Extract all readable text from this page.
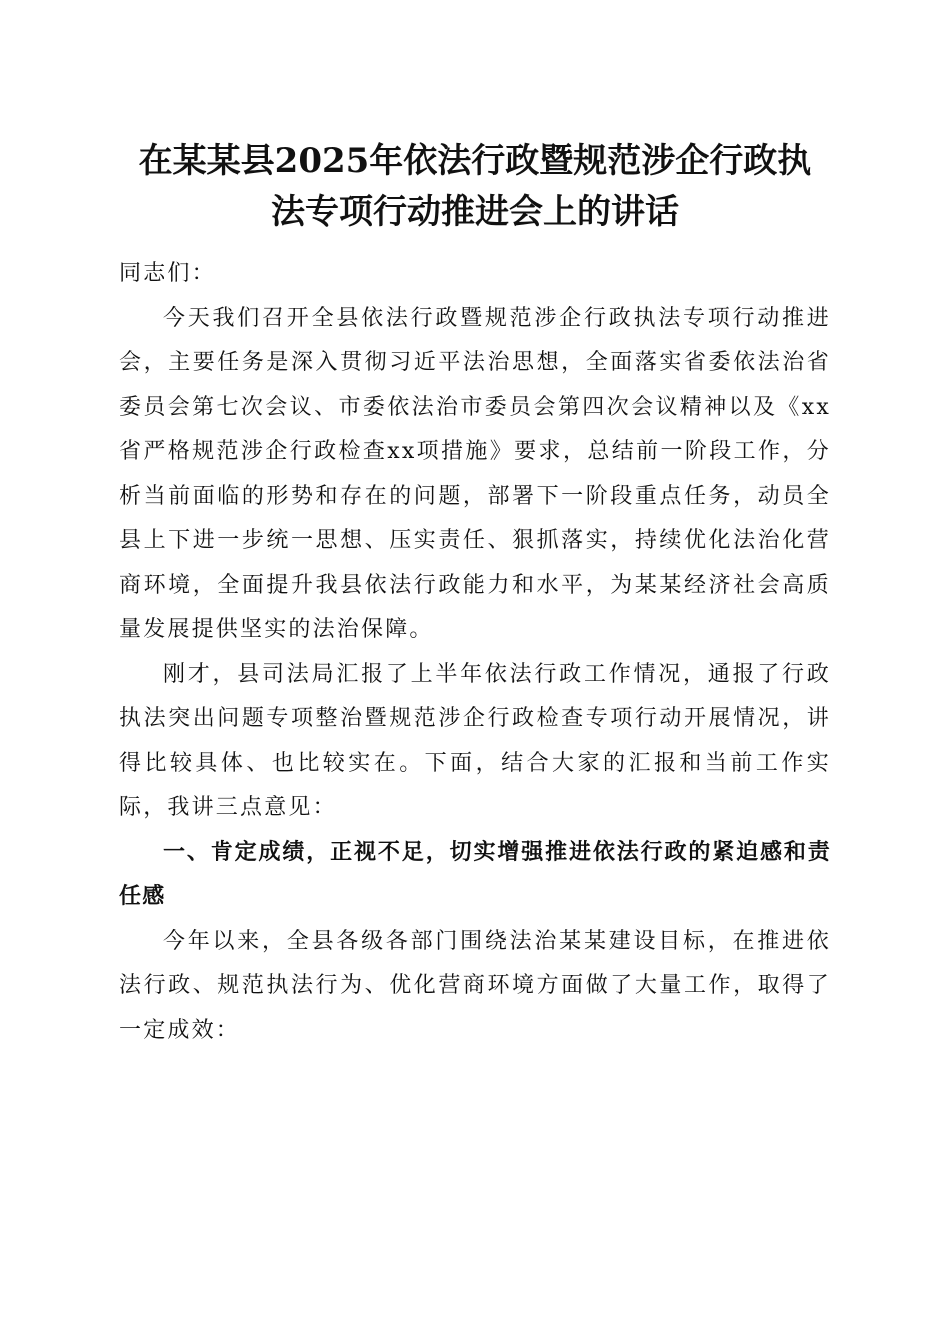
在某某县2025年依法行政暨规范涉企行政执
法专项行动推进会上的讲话

同志们：

今天我们召开全县依法行政暨规范涉企行政执法专项行动推进会，主要任务是深入贯彻习近平法治思想，全面落实省委依法治省委员会第七次会议、市委依法治市委员会第四次会议精神以及《xx省严格规范涉企行政检查xx项措施》要求，总结前一阶段工作，分析当前面临的形势和存在的问题，部署下一阶段重点任务，动员全县上下进一步统一思想、压实责任、狠抓落实，持续优化法治化营商环境，全面提升我县依法行政能力和水平，为某某经济社会高质量发展提供坚实的法治保障。

刚才，县司法局汇报了上半年依法行政工作情况，通报了行政执法突出问题专项整治暨规范涉企行政检查专项行动开展情况，讲得比较具体、也比较实在。下面，结合大家的汇报和当前工作实际，我讲三点意见：

一、肯定成绩，正视不足，切实增强推进依法行政的紧迫感和责任感

今年以来，全县各级各部门围绕法治某某建设目标，在推进依法行政、规范执法行为、优化营商环境方面做了大量工作，取得了一定成效：
